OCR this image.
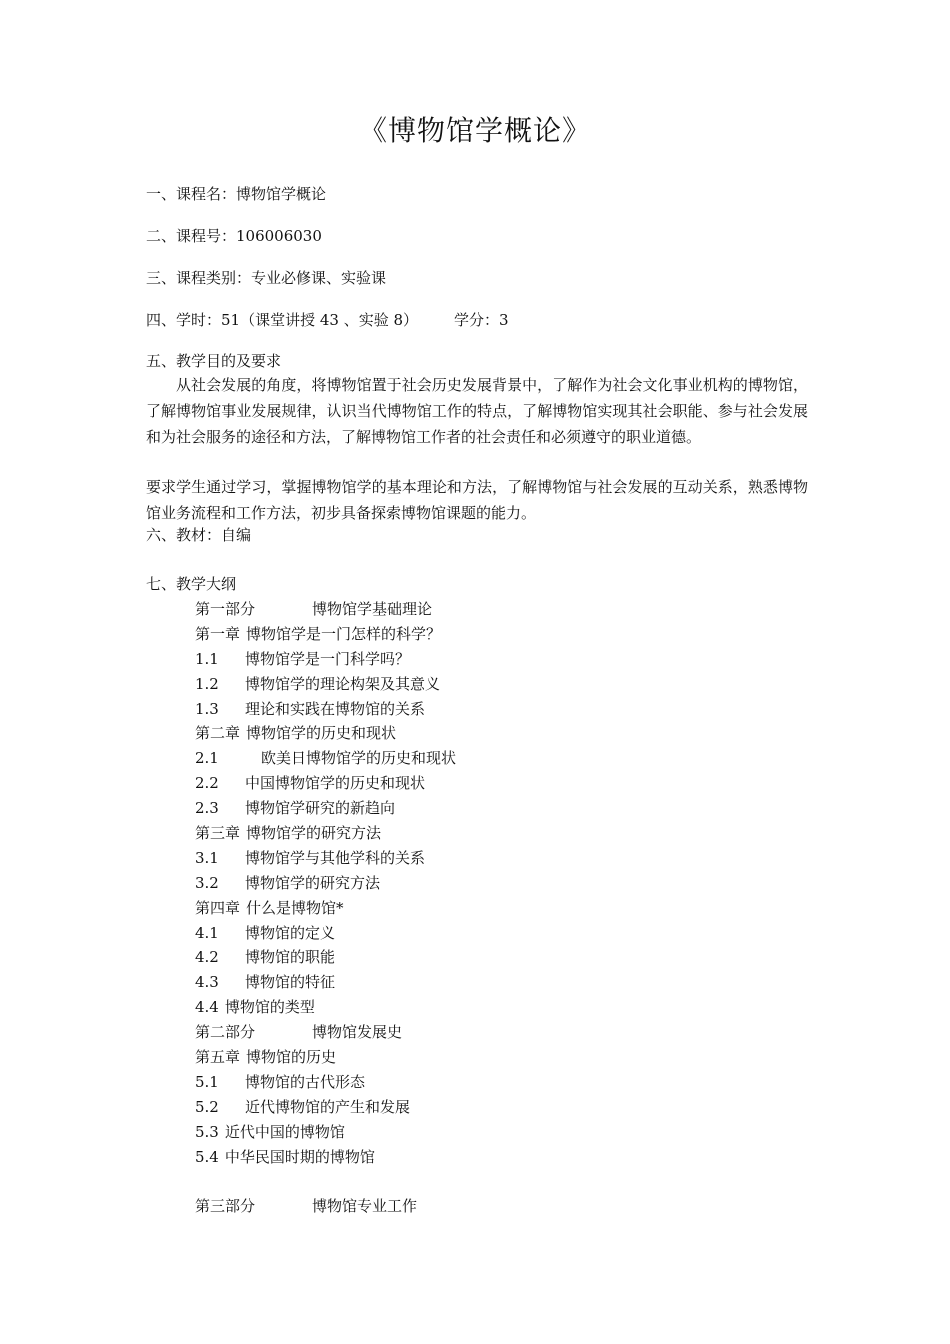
《博物馆学概论》
一、课程名：博物馆学概论
二、课程号：106006030
三、课程类别：专业必修课、实验课
四、学时：51（课堂讲授 43 、实验 8） 学分：3
五、教学目的及要求
从社会发展的角度，将博物馆置于社会历史发展背景中，了解作为社会文化事业机构的博物馆，了解博物馆事业发展规律，认识当代博物馆工作的特点，了解博物馆实现其社会职能、参与社会发展和为社会服务的途径和方法，了解博物馆工作者的社会责任和必须遵守的职业道德。
要求学生通过学习，掌握博物馆学的基本理论和方法，了解博物馆与社会发展的互动关系，熟悉博物馆业务流程和工作方法，初步具备探索博物馆课题的能力。
六、教材：自编
七、教学大纲
第一部分	博物馆学基础理论
第一章 博物馆学是一门怎样的科学？
1.1 博物馆学是一门科学吗？
1.2 博物馆学的理论构架及其意义
1.3 理论和实践在博物馆的关系
第二章 博物馆学的历史和现状
2.1	欧美日博物馆学的历史和现状
2.2 中国博物馆学的历史和现状
2.3 博物馆学研究的新趋向
第三章 博物馆学的研究方法
3.1 博物馆学与其他学科的关系
3.2 博物馆学的研究方法
第四章 什么是博物馆*
4.1 博物馆的定义
4.2 博物馆的职能
4.3 博物馆的特征
4.4 博物馆的类型
第二部分	博物馆发展史
第五章 博物馆的历史
5.1 博物馆的古代形态
5.2 近代博物馆的产生和发展
5.3 近代中国的博物馆
5.4 中华民国时期的博物馆
第三部分	博物馆专业工作
